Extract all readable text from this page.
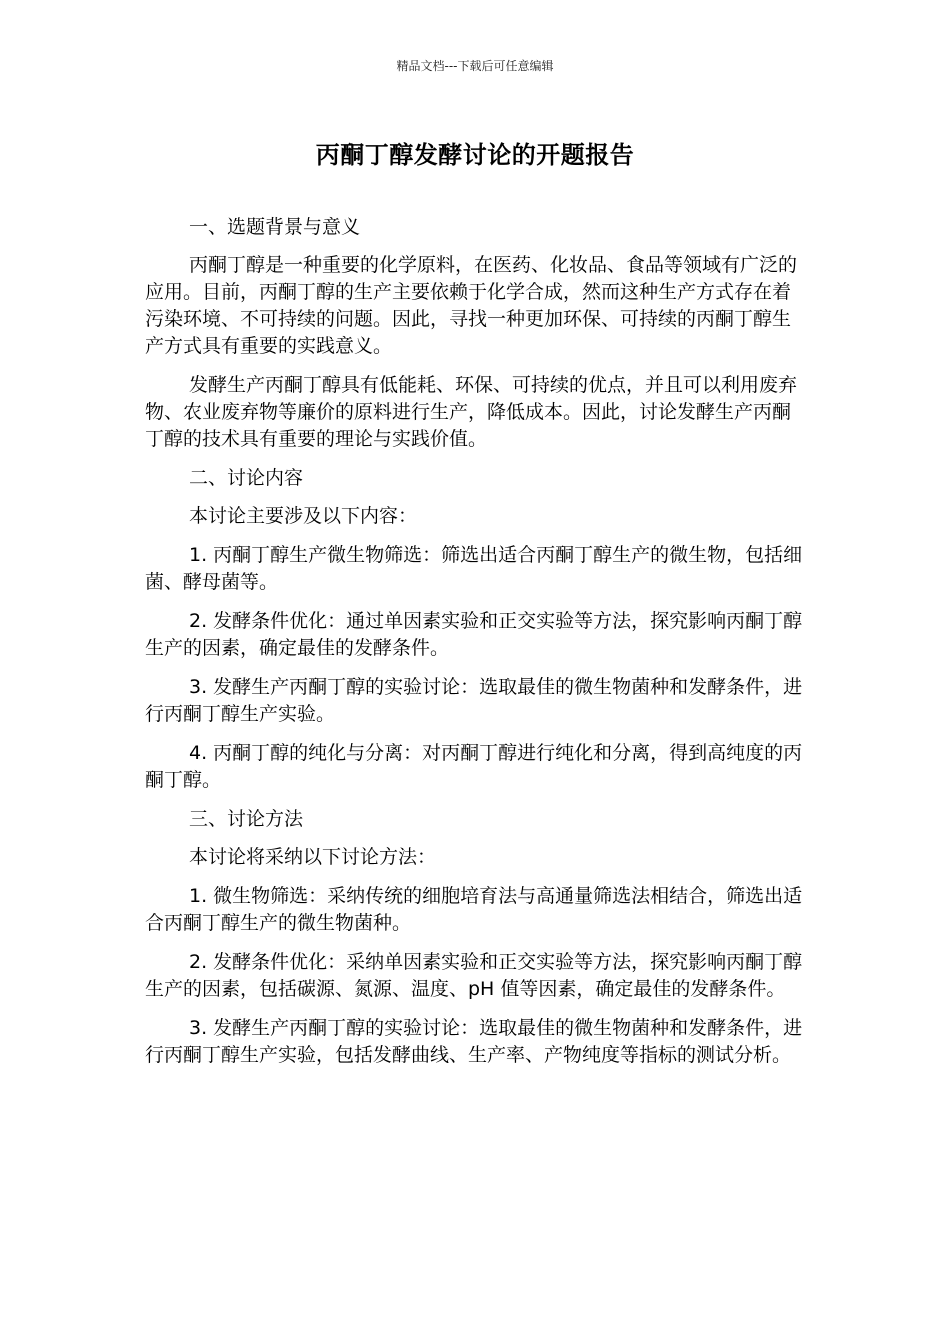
精品文档---下载后可任意编辑
丙酮丁醇发酵讨论的开题报告

一、选题背景与意义

丙酮丁醇是一种重要的化学原料，在医药、化妆品、食品等领域有广泛的应用。目前，丙酮丁醇的生产主要依赖于化学合成，然而这种生产方式存在着污染环境、不可持续的问题。因此，寻找一种更加环保、可持续的丙酮丁醇生产方式具有重要的实践意义。

发酵生产丙酮丁醇具有低能耗、环保、可持续的优点，并且可以利用废弃物、农业废弃物等廉价的原料进行生产，降低成本。因此，讨论发酵生产丙酮丁醇的技术具有重要的理论与实践价值。

二、讨论内容

本讨论主要涉及以下内容：

1. 丙酮丁醇生产微生物筛选：筛选出适合丙酮丁醇生产的微生物，包括细菌、酵母菌等。

2. 发酵条件优化：通过单因素实验和正交实验等方法，探究影响丙酮丁醇生产的因素，确定最佳的发酵条件。

3. 发酵生产丙酮丁醇的实验讨论：选取最佳的微生物菌种和发酵条件，进行丙酮丁醇生产实验。

4. 丙酮丁醇的纯化与分离：对丙酮丁醇进行纯化和分离，得到高纯度的丙酮丁醇。

三、讨论方法

本讨论将采纳以下讨论方法：

1. 微生物筛选：采纳传统的细胞培育法与高通量筛选法相结合，筛选出适合丙酮丁醇生产的微生物菌种。

2. 发酵条件优化：采纳单因素实验和正交实验等方法，探究影响丙酮丁醇生产的因素，包括碳源、氮源、温度、pH 值等因素，确定最佳的发酵条件。

3. 发酵生产丙酮丁醇的实验讨论：选取最佳的微生物菌种和发酵条件，进行丙酮丁醇生产实验，包括发酵曲线、生产率、产物纯度等指标的测试分析。
